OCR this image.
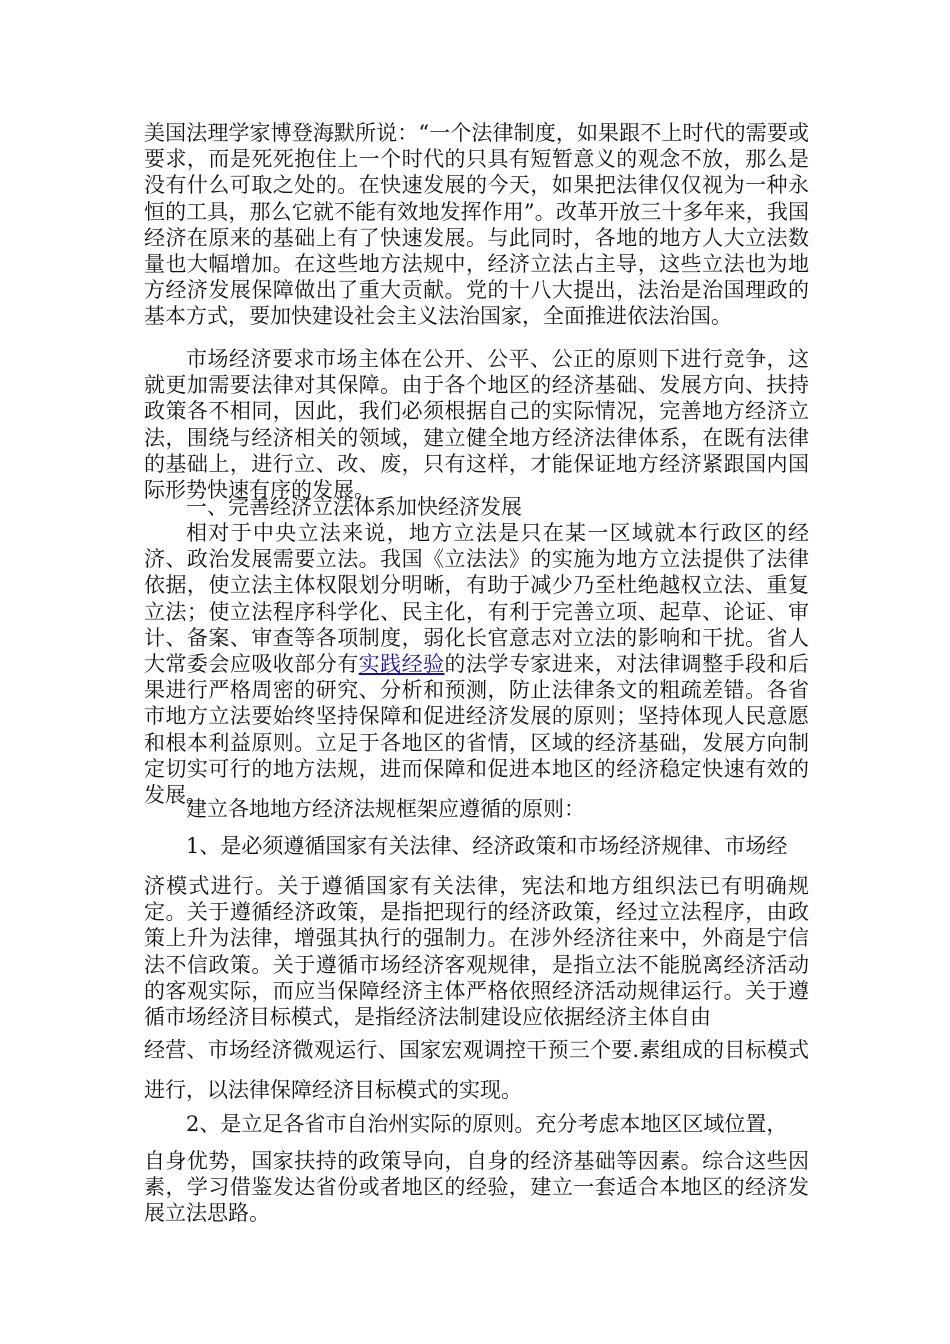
美国法理学家博登海默所说：“一个法律制度，如果跟不上时代的需要或要求，而是死死抱住上一个时代的只具有短暂意义的观念不放，那么是没有什么可取之处的。在快速发展的今天，如果把法律仅仅视为一种永恒的工具，那么它就不能有效地发挥作用”。改革开放三十多年来，我国经济在原来的基础上有了快速发展。与此同时，各地的地方人大立法数量也大幅增加。在这些地方法规中，经济立法占主导，这些立法也为地方经济发展保障做出了重大贡献。党的十八大提出，法治是治国理政的基本方式，要加快建设社会主义法治国家，全面推进依法治国。

市场经济要求市场主体在公开、公平、公正的原则下进行竞争，这就更加需要法律对其保障。由于各个地区的经济基础、发展方向、扶持政策各不相同，因此，我们必须根据自己的实际情况，完善地方经济立法，围绕与经济相关的领域，建立健全地方经济法律体系，在既有法律的基础上，进行立、改、废，只有这样，才能保证地方经济紧跟国内国际形势快速有序的发展。

一、完善经济立法体系加快经济发展

相对于中央立法来说，地方立法是只在某一区域就本行政区的经济、政治发展需要立法。我国《立法法》的实施为地方立法提供了法律依据，使立法主体权限划分明晰，有助于减少乃至杜绝越权立法、重复立法；使立法程序科学化、民主化，有利于完善立项、起草、论证、审计、备案、审查等各项制度，弱化长官意志对立法的影响和干扰。省人大常委会应吸收部分有实践经验的法学专家进来，对法律调整手段和后果进行严格周密的研究、分析和预测，防止法律条文的粗疏差错。各省市地方立法要始终坚持保障和促进经济发展的原则；坚持体现人民意愿和根本利益原则。立足于各地区的省情，区域的经济基础，发展方向制定切实可行的地方法规，进而保障和促进本地区的经济稳定快速有效的发展。

建立各地地方经济法规框架应遵循的原则：

1、是必须遵循国家有关法律、经济政策和市场经济规律、市场经

济模式进行。关于遵循国家有关法律，宪法和地方组织法已有明确规定。关于遵循经济政策，是指把现行的经济政策，经过立法程序，由政策上升为法律，增强其执行的强制力。在涉外经济往来中，外商是宁信法不信政策。关于遵循市场经济客观规律，是指立法不能脱离经济活动的客观实际，而应当保障经济主体严格依照经济活动规律运行。关于遵循市场经济目标模式，是指经济法制建设应依据经济主体自由

经营、市场经济微观运行、国家宏观调控干预三个要.素组成的目标模式进行，以法律保障经济目标模式的实现。

2、是立足各省市自治州实际的原则。充分考虑本地区区域位置，

自身优势，国家扶持的政策导向，自身的经济基础等因素。综合这些因素，学习借鉴发达省份或者地区的经验，建立一套适合本地区的经济发展立法思路。
